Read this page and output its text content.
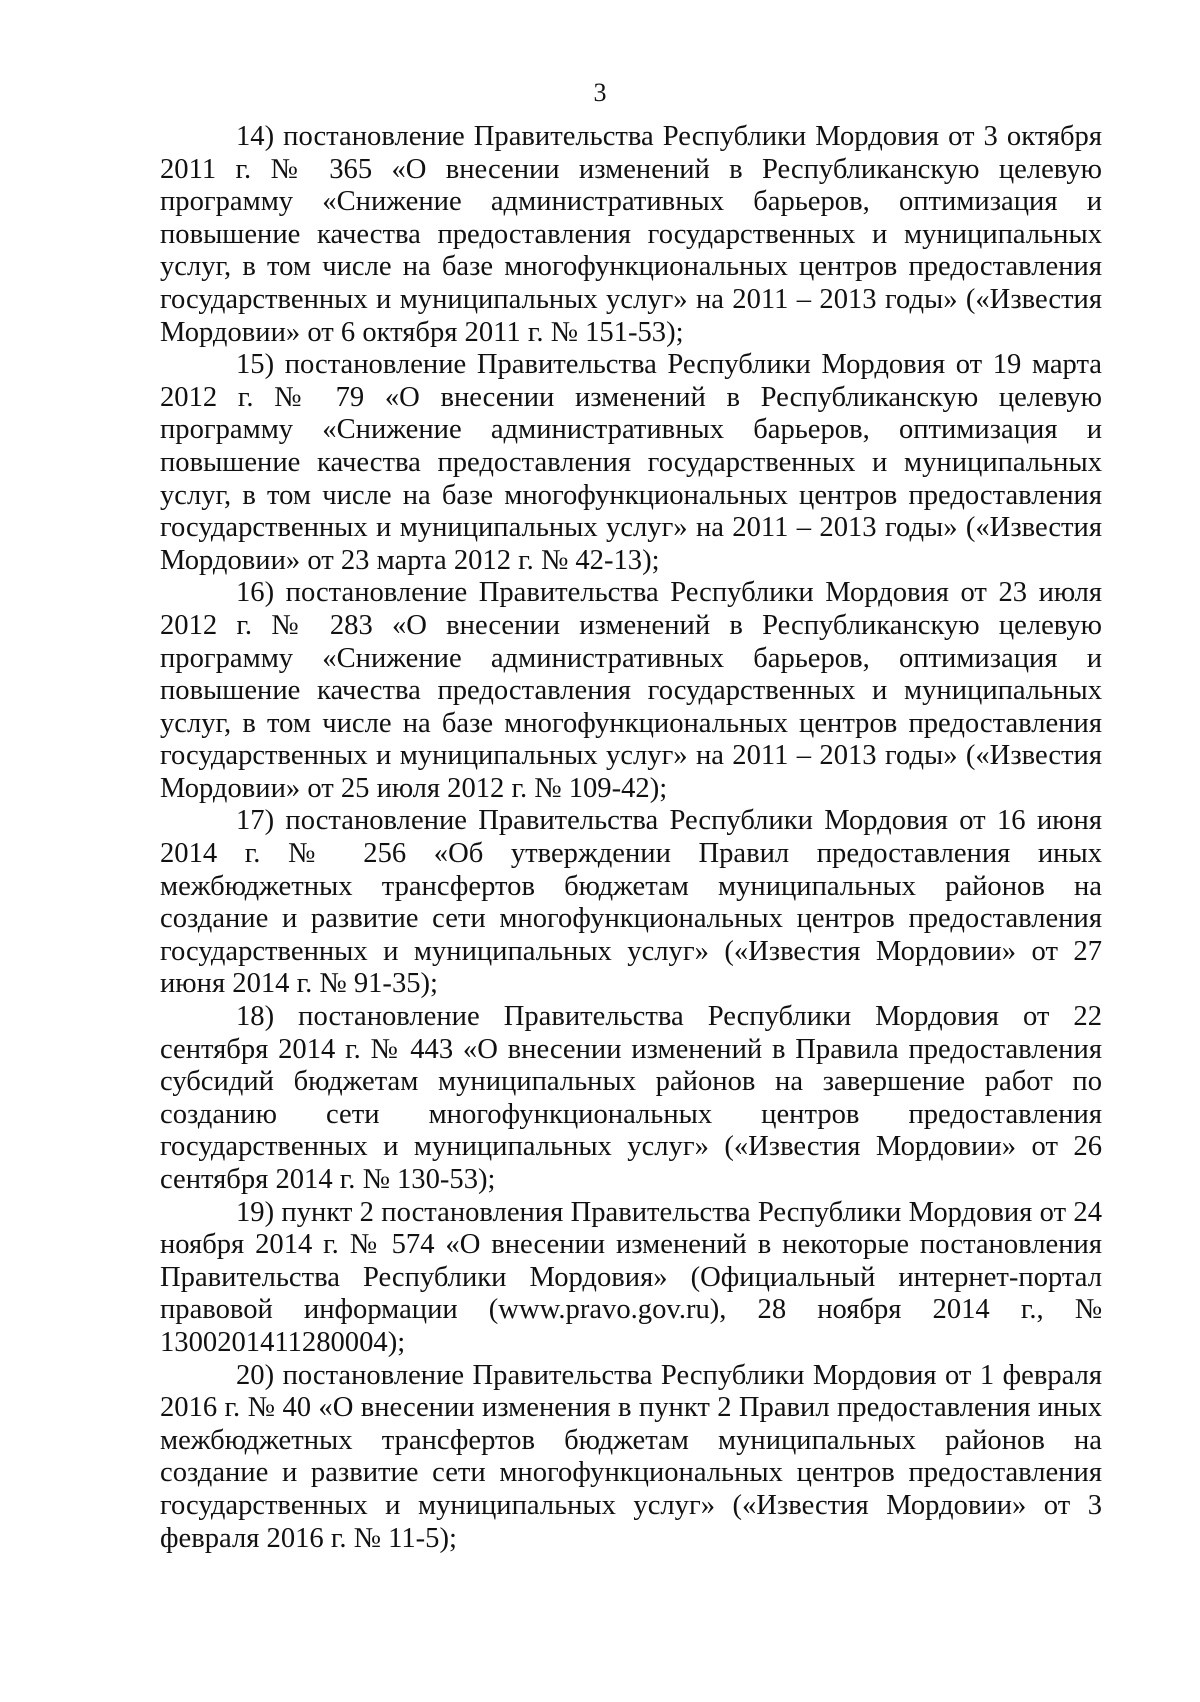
3

14) постановление Правительства Республики Мордовия от 3 октября 2011 г. № 365 «О внесении изменений в Республиканскую целевую программу «Снижение административных барьеров, оптимизация и повышение качества предоставления государственных и муниципальных услуг, в том числе на базе многофункциональных центров предоставления государственных и муниципальных услуг» на 2011 – 2013 годы» («Известия Мордовии» от 6 октября 2011 г. № 151-53);

15) постановление Правительства Республики Мордовия от 19 марта 2012 г. № 79 «О внесении изменений в Республиканскую целевую программу «Снижение административных барьеров, оптимизация и повышение качества предоставления государственных и муниципальных услуг, в том числе на базе многофункциональных центров предоставления государственных и муниципальных услуг» на 2011 – 2013 годы» («Известия Мордовии» от 23 марта 2012 г. № 42-13);

16) постановление Правительства Республики Мордовия от 23 июля 2012 г. № 283 «О внесении изменений в Республиканскую целевую программу «Снижение административных барьеров, оптимизация и повышение качества предоставления государственных и муниципальных услуг, в том числе на базе многофункциональных центров предоставления государственных и муниципальных услуг» на 2011 – 2013 годы» («Известия Мордовии» от 25 июля 2012 г. № 109-42);

17) постановление Правительства Республики Мордовия от 16 июня 2014 г. № 256 «Об утверждении Правил предоставления иных межбюджетных трансфертов бюджетам муниципальных районов на создание и развитие сети многофункциональных центров предоставления государственных и муниципальных услуг» («Известия Мордовии» от 27 июня 2014 г. № 91-35);

18) постановление Правительства Республики Мордовия от 22 сентября 2014 г. № 443 «О внесении изменений в Правила предоставления субсидий бюджетам муниципальных районов на завершение работ по созданию сети многофункциональных центров предоставления государственных и муниципальных услуг» («Известия Мордовии» от 26 сентября 2014 г. № 130-53);

19) пункт 2 постановления Правительства Республики Мордовия от 24 ноября 2014 г. № 574 «О внесении изменений в некоторые постановления Правительства Республики Мордовия» (Официальный интернет-портал правовой информации (www.pravo.gov.ru), 28 ноября 2014 г., № 1300201411280004);

20) постановление Правительства Республики Мордовия от 1 февраля 2016 г. № 40 «О внесении изменения в пункт 2 Правил предоставления иных межбюджетных трансфертов бюджетам муниципальных районов на создание и развитие сети многофункциональных центров предоставления государственных и муниципальных услуг» («Известия Мордовии» от 3 февраля 2016 г. № 11-5);
